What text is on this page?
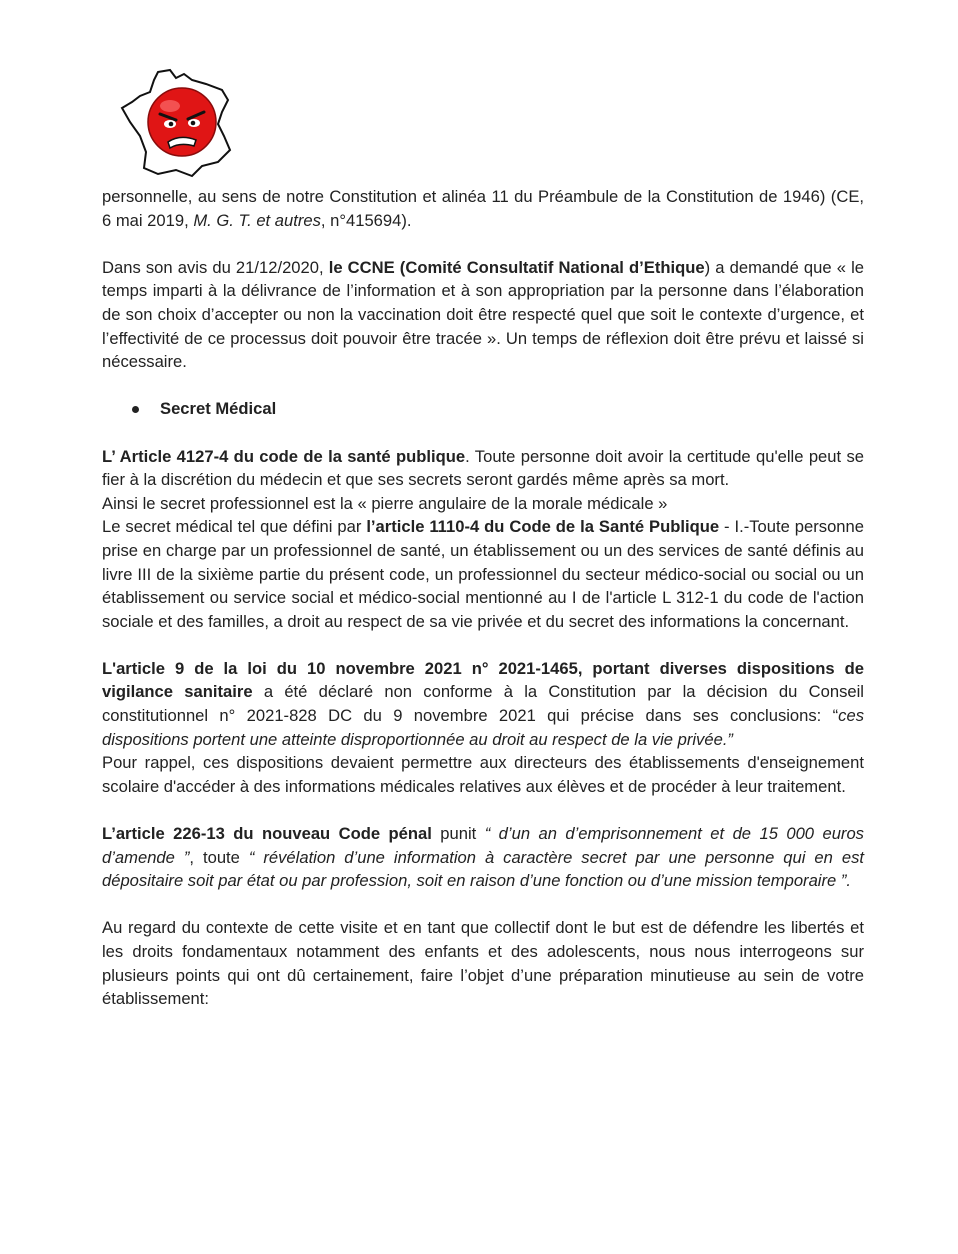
personnelle, au sens de notre Constitution et alinéa 11 du Préambule de la Constitution de 1946) (CE, 6 mai 2019, M. G. T. et autres, n°415694).

Dans son avis du 21/12/2020, le CCNE (Comité Consultatif National d’Ethique) a demandé que « le temps imparti à la délivrance de l’information et à son appropriation par la personne dans l’élaboration de son choix d’accepter ou non la vaccination doit être respecté quel que soit le contexte d’urgence, et l’effectivité de ce processus doit pouvoir être tracée ». Un temps de réflexion doit être prévu et laissé si nécessaire.

Secret Médical

L’ Article 4127-4 du code de la santé publique. Toute personne doit avoir la certitude qu'elle peut se fier à la discrétion du médecin et que ses secrets seront gardés même après sa mort.

Ainsi le secret professionnel est la « pierre angulaire de la morale médicale »

Le secret médical tel que défini par l’article 1110-4 du Code de la Santé Publique - I.-Toute personne prise en charge par un professionnel de santé, un établissement ou un des services de santé définis au livre III de la sixième partie du présent code, un professionnel du secteur médico-social ou social ou un établissement ou service social et médico-social mentionné au I de l'article L 312-1 du code de l'action sociale et des familles, a droit au respect de sa vie privée et du secret des informations la concernant.

L'article 9 de la loi du 10 novembre 2021 n° 2021-1465, portant diverses dispositions de vigilance sanitaire a été déclaré non conforme à la Constitution par la décision du Conseil constitutionnel n° 2021-828 DC du 9 novembre 2021 qui précise dans ses conclusions: “ces dispositions portent une atteinte disproportionnée au droit au respect de la vie privée.”

Pour rappel, ces dispositions devaient permettre aux directeurs des établissements d'enseignement scolaire d'accéder à des informations médicales relatives aux élèves et de procéder à leur traitement.

L’article 226-13 du nouveau Code pénal punit “ d’un an d’emprisonnement et de 15 000 euros d’amende ”, toute “ révélation d’une information à caractère secret par une personne qui en est dépositaire soit par état ou par profession, soit en raison d’une fonction ou d’une mission temporaire ”.

Au regard du contexte de cette visite et en tant que collectif dont le but est de défendre les libertés et les droits fondamentaux notamment des enfants et des adolescents, nous nous interrogeons sur plusieurs points qui ont dû certainement, faire l’objet d’une préparation minutieuse au sein de votre établissement:
